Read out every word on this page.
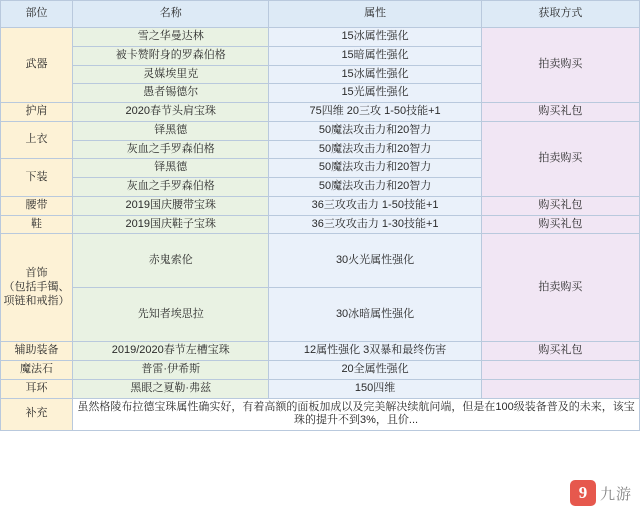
部位	名称	属性	获取方式
武器	雪之华曼达林	15冰属性强化	拍卖购买
	被卡赞附身的罗森伯格	15暗属性强化	
	灵媒埃里克	15冰属性强化	
	愚者锡德尔	15光属性强化	
护肩	2020春节头肩宝珠	75四维 20三攻 1-50技能+1	购买礼包
上衣	铎黑德	50魔法攻击力和20智力	拍卖购买
	灰血之手罗森伯格	50魔法攻击力和20智力	
下装	铎黑德	50魔法攻击力和20智力	
	灰血之手罗森伯格	50魔法攻击力和20智力	
腰带	2019国庆腰带宝珠	36三攻攻击力 1-50技能+1	购买礼包
鞋	2019国庆鞋子宝珠	36三攻攻击力 1-30技能+1	购买礼包
首饰
（包括手镯、项链和戒指）	赤鬼索伦	30火光属性强化	拍卖购买
	先知者埃思拉	30冰暗属性强化	
辅助装备	2019/2020春节左槽宝珠	12属性强化 3双暴和最终伤害	购买礼包
魔法石	普雷·伊希斯	20全属性强化	
耳环	黑眼之夏勒·弗兹	150四维	
补充	虽然格陵布拉德宝珠属性确实好，有着高额的面板加成以及完美解决续航问端，但是在100级装备普及的未来，该宝珠的提升不到3%，且价...		
9 九游
